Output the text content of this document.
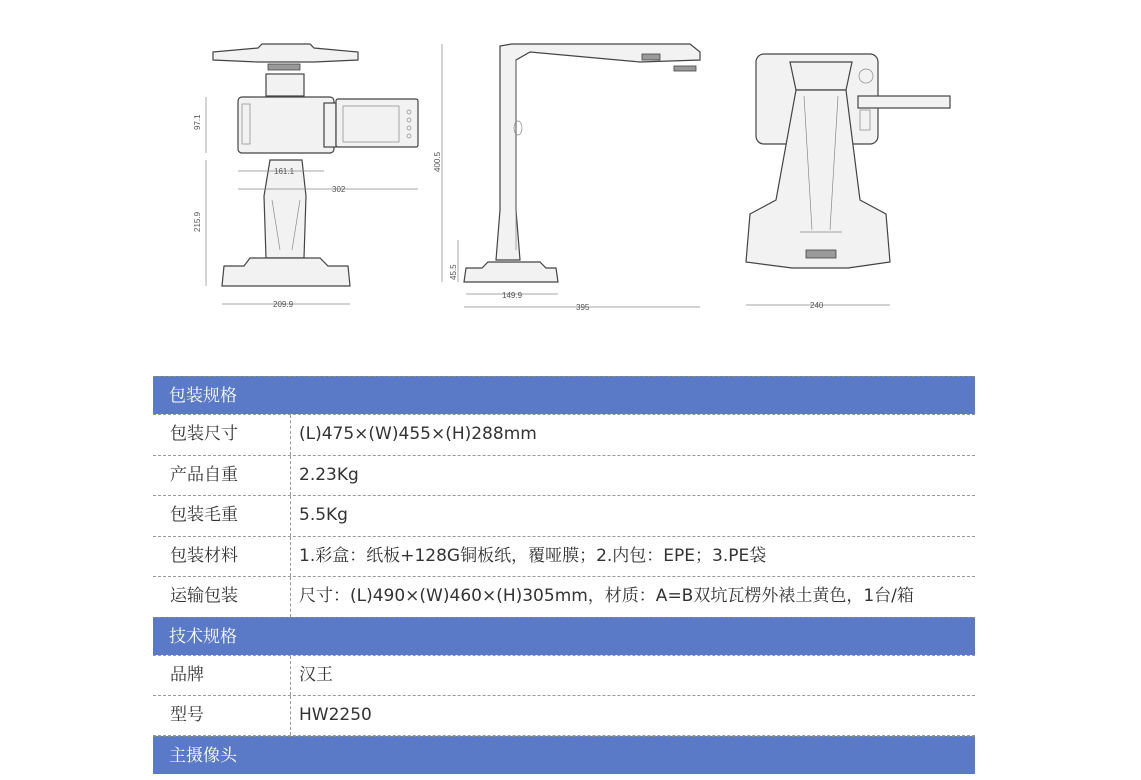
97.1
161.1
302
215.9
209.9
400.5
45.5
149.9
395	240
包装规格
包装尺寸	(L)475×(W)455×(H)288mm
产品自重	2.23Kg
包装毛重	5.5Kg
包装材料	1.彩盒：纸板+128G铜板纸，覆哑膜；2.内包：EPE；3.PE袋
运输包装	尺寸：(L)490×(W)460×(H)305mm，材质：A=B双坑瓦楞外裱土黄色，1台/箱
技术规格
品牌	汉王
型号	HW2250
主摄像头
